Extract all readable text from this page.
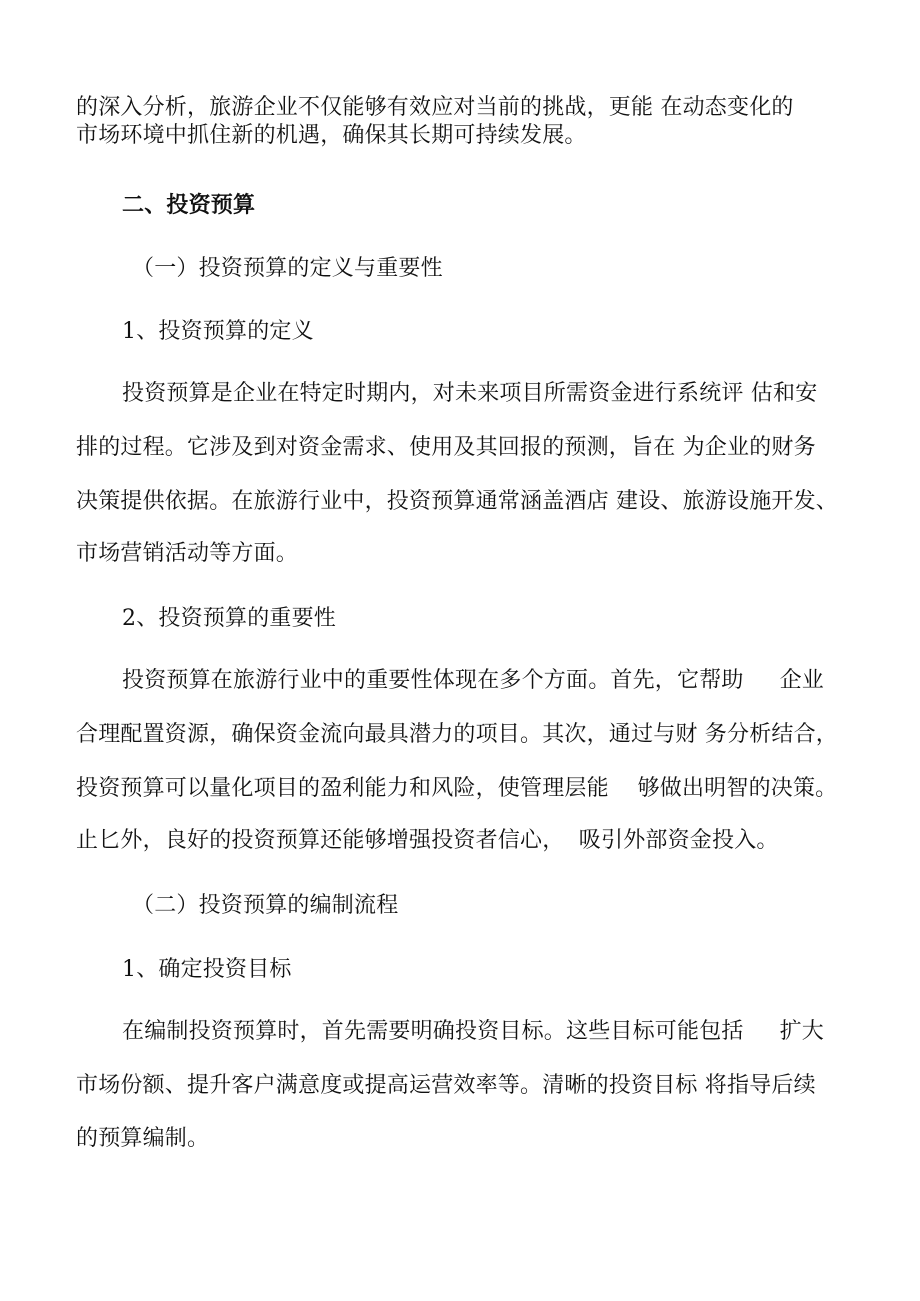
的深入分析，旅游企业不仅能够有效应对当前的挑战，更能 在动态变化的
市场环境中抓住新的机遇，确保其长期可持续发展。
二、投资预算
（一）投资预算的定义与重要性
1、投资预算的定义
投资预算是企业在特定时期内，对未来项目所需资金进行系统评 估和安
排的过程。它涉及到对资金需求、使用及其回报的预测，旨在 为企业的财务
决策提供依据。在旅游行业中，投资预算通常涵盖酒店 建设、旅游设施开发、
市场营销活动等方面。
2、投资预算的重要性
投资预算在旅游行业中的重要性体现在多个方面。首先，它帮助     企业
合理配置资源，确保资金流向最具潜力的项目。其次，通过与财 务分析结合，
投资预算可以量化项目的盈利能力和风险，使管理层能    够做出明智的决策。
止匕外，良好的投资预算还能够增强投资者信心，  吸引外部资金投入。
（二）投资预算的编制流程
1、确定投资目标
在编制投资预算时，首先需要明确投资目标。这些目标可能包括     扩大
市场份额、提升客户满意度或提高运营效率等。清晰的投资目标 将指导后续
的预算编制。
